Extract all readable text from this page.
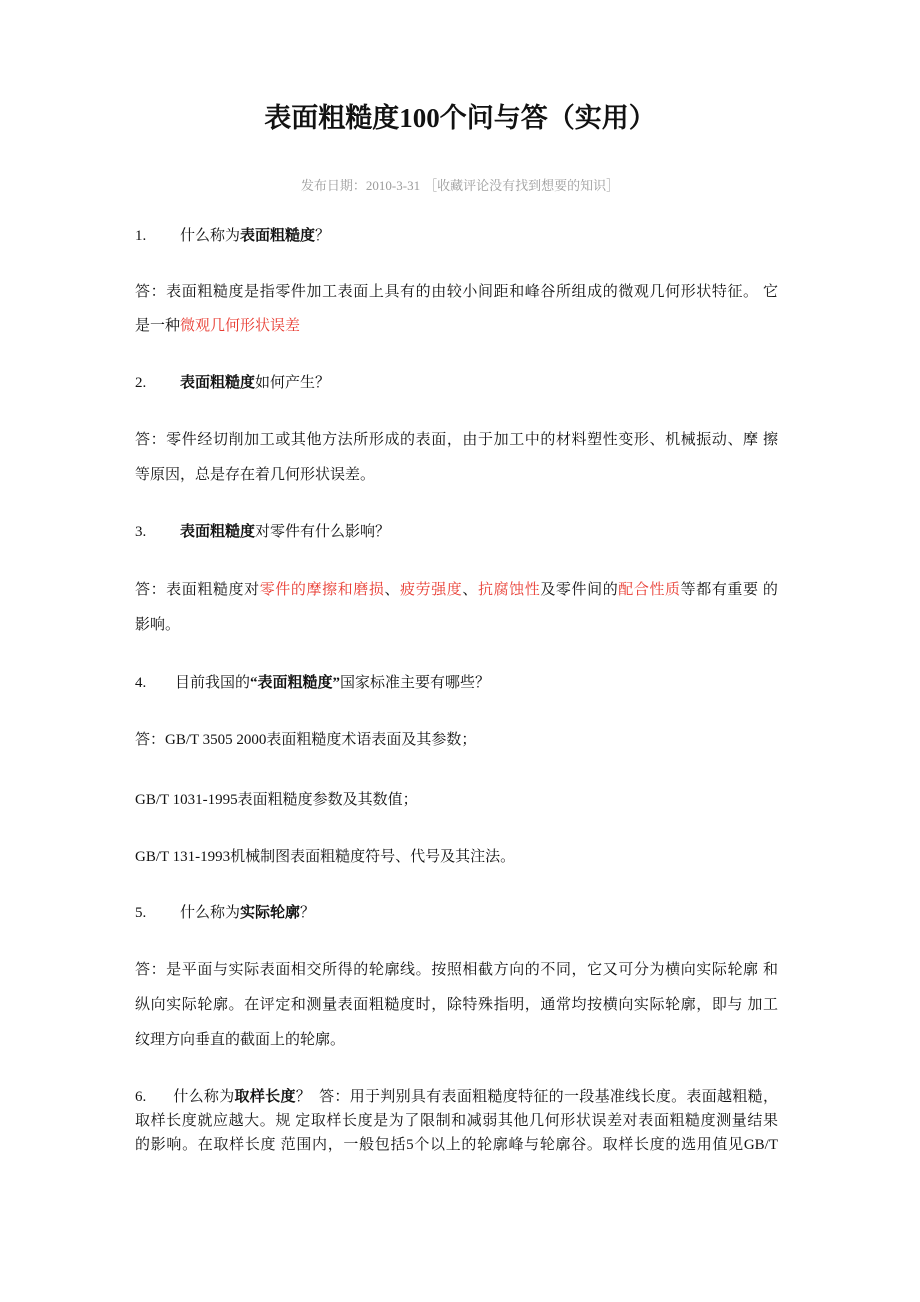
表面粗糙度100个问与答（实用）
发布日期：2010-3-31 ［收藏评论没有找到想要的知识］
1. 什么称为表面粗糙度？
答：表面粗糙度是指零件加工表面上具有的由较小间距和峰谷所组成的微观几何形状特征。 它
是一种微观几何形状误差
2. 表面粗糙度如何产生？
答：零件经切削加工或其他方法所形成的表面，由于加工中的材料塑性变形、机械振动、摩 擦
等原因，总是存在着几何形状误差。
3. 表面粗糙度对零件有什么影响？
答：表面粗糙度对零件的摩擦和磨损、疲劳强度、抗腐蚀性及零件间的配合性质等都有重要 的
影响。
4. 目前我国的“表面粗糙度”国家标准主要有哪些？
答：GB/T 3505 2000表面粗糙度术语表面及其参数；
GB/T 1031-1995表面粗糙度参数及其数值；
GB/T 131-1993机械制图表面粗糙度符号、代号及其注法。
5. 什么称为实际轮廓？
答：是平面与实际表面相交所得的轮廓线。按照相截方向的不同，它又可分为横向实际轮廓 和
纵向实际轮廓。在评定和测量表面粗糙度时，除特殊指明，通常均按横向实际轮廓，即与 加工
纹理方向垂直的截面上的轮廓。
6. 什么称为取样长度？ 答：用于判别具有表面粗糙度特征的一段基准线长度。表面越粗糙，
取样长度就应越大。规 定取样长度是为了限制和减弱其他几何形状误差对表面粗糙度测量结果
的影响。在取样长度 范围内，一般包括5个以上的轮廓峰与轮廓谷。取样长度的选用值见GB/T
